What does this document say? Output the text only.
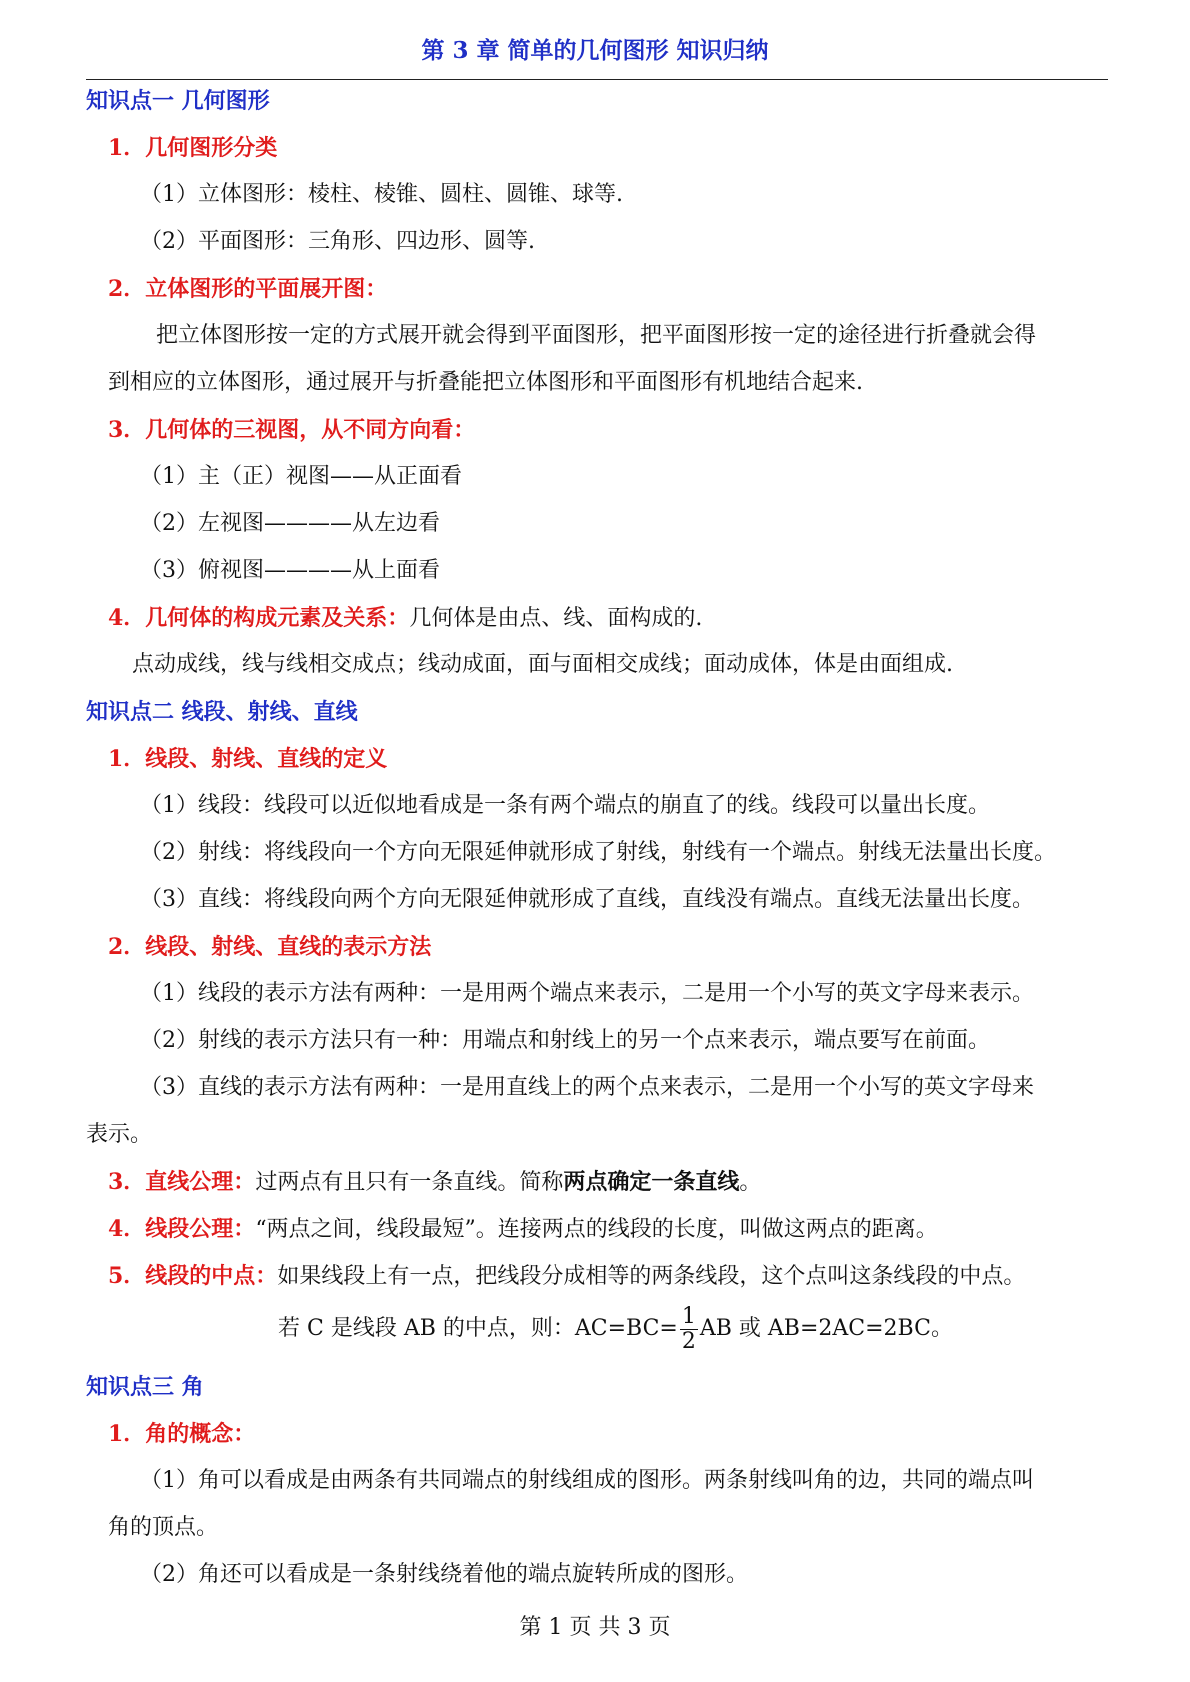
第 3 章 简单的几何图形 知识归纳
知识点一 几何图形
1．几何图形分类
（1）立体图形：棱柱、棱锥、圆柱、圆锥、球等.
（2）平面图形：三角形、四边形、圆等.
2．立体图形的平面展开图：
把立体图形按一定的方式展开就会得到平面图形，把平面图形按一定的途径进行折叠就会得
到相应的立体图形，通过展开与折叠能把立体图形和平面图形有机地结合起来.
3．几何体的三视图，从不同方向看：
（1）主（正）视图——从正面看
（2）左视图————从左边看
（3）俯视图————从上面看
4．几何体的构成元素及关系：几何体是由点、线、面构成的.
点动成线，线与线相交成点；线动成面，面与面相交成线；面动成体，体是由面组成.
知识点二 线段、射线、直线
1．线段、射线、直线的定义
（1）线段：线段可以近似地看成是一条有两个端点的崩直了的线。线段可以量出长度。
（2）射线：将线段向一个方向无限延伸就形成了射线，射线有一个端点。射线无法量出长度。
（3）直线：将线段向两个方向无限延伸就形成了直线，直线没有端点。直线无法量出长度。
2．线段、射线、直线的表示方法
（1）线段的表示方法有两种：一是用两个端点来表示，二是用一个小写的英文字母来表示。
（2）射线的表示方法只有一种：用端点和射线上的另一个点来表示，端点要写在前面。
（3）直线的表示方法有两种：一是用直线上的两个点来表示，二是用一个小写的英文字母来
表示。
3．直线公理：过两点有且只有一条直线。简称两点确定一条直线。
4．线段公理：“两点之间，线段最短”。连接两点的线段的长度，叫做这两点的距离。
5．线段的中点：如果线段上有一点，把线段分成相等的两条线段，这个点叫这条线段的中点。
若 C 是线段 AB 的中点，则：$AC=BC= \frac{1}{2}$ AB 或 AB=2AC=2BC。
知识点三 角
1．角的概念：
（1）角可以看成是由两条有共同端点的射线组成的图形。两条射线叫角的边，共同的端点叫
角的顶点。
（2）角还可以看成是一条射线绕着他的端点旋转所成的图形。
第 1 页 共 3 页
